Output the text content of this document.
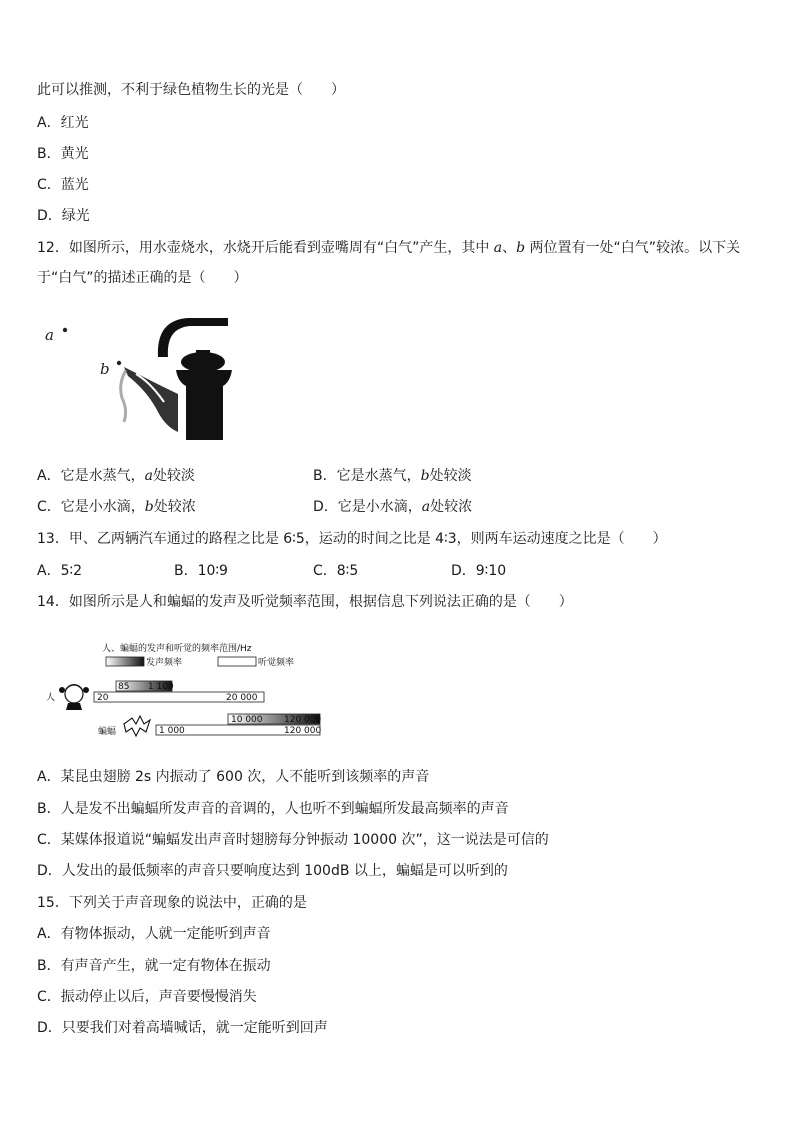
此可以推测，不利于绿色植物生长的光是（　　）
A．红光
B．黄光
C．蓝光
D．绿光
12．如图所示，用水壶烧水，水烧开后能看到壶嘴周有“白气”产生，其中 a、b 两位置有一处“白气”较浓。以下关
于“白气”的描述正确的是（　　）
a
b
A．它是水蒸气，a处较淡	B．它是水蒸气，b处较淡
C．它是小水滴，b处较浓	D．它是小水滴，a处较浓
13．甲、乙两辆汽车通过的路程之比是 6∶5，运动的时间之比是 4∶3，则两车运动速度之比是（　　）
A．5∶2	B．10∶9	C．8∶5	D．9∶10
14．如图所示是人和蝙蝠的发声及听觉频率范围，根据信息下列说法正确的是（　　）
人、蝙蝠的发声和听觉的频率范围/Hz
发声频率	听觉频率
人
85 1 100
20	20 000
10 000 120 000
1 000	120 000
蝙蝠
A．某昆虫翅膀 2s 内振动了 600 次，人不能听到该频率的声音
B．人是发不出蝙蝠所发声音的音调的，人也听不到蝙蝠所发最高频率的声音
C．某媒体报道说“蝙蝠发出声音时翅膀每分钟振动 10000 次”，这一说法是可信的
D．人发出的最低频率的声音只要响度达到 100dB 以上，蝙蝠是可以听到的
15．下列关于声音现象的说法中，正确的是
A．有物体振动，人就一定能听到声音
B．有声音产生，就一定有物体在振动
C．振动停止以后，声音要慢慢消失
D．只要我们对着高墙喊话，就一定能听到回声
